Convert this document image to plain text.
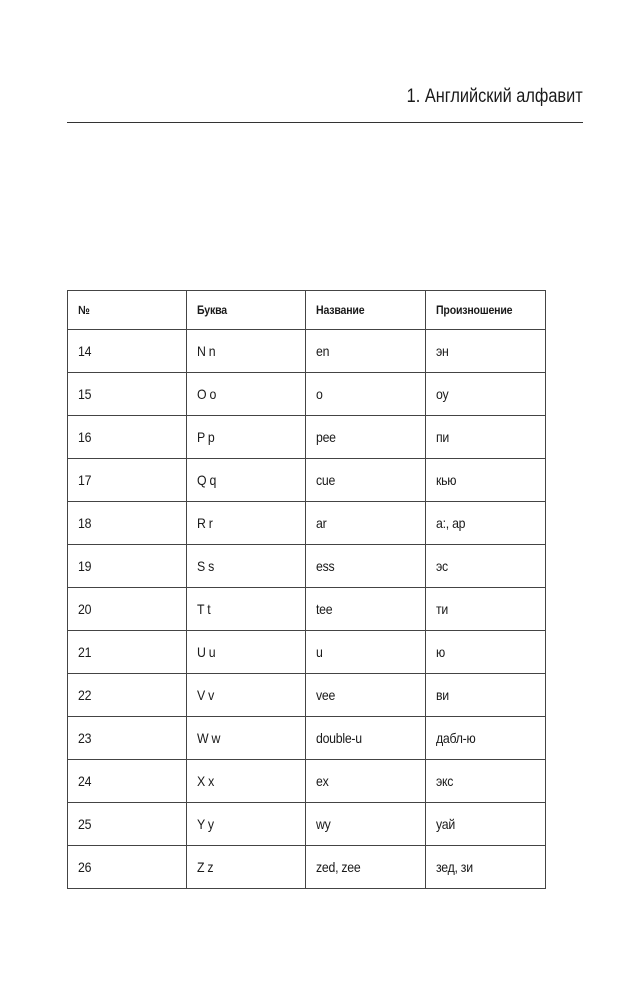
1. Английский алфавит
№	Буква	Название	Произношение
14	N n	en	эн
15	O o	o	оу
16	P p	pee	пи
17	Q q	cue	кью
18	R r	ar	а:, ар
19	S s	ess	эс
20	T t	tee	ти
21	U u	u	ю
22	V v	vee	ви
23	W w	double-u	дабл-ю
24	X x	ex	экс
25	Y y	wy	уай
26	Z z	zed, zee	зед, зи
